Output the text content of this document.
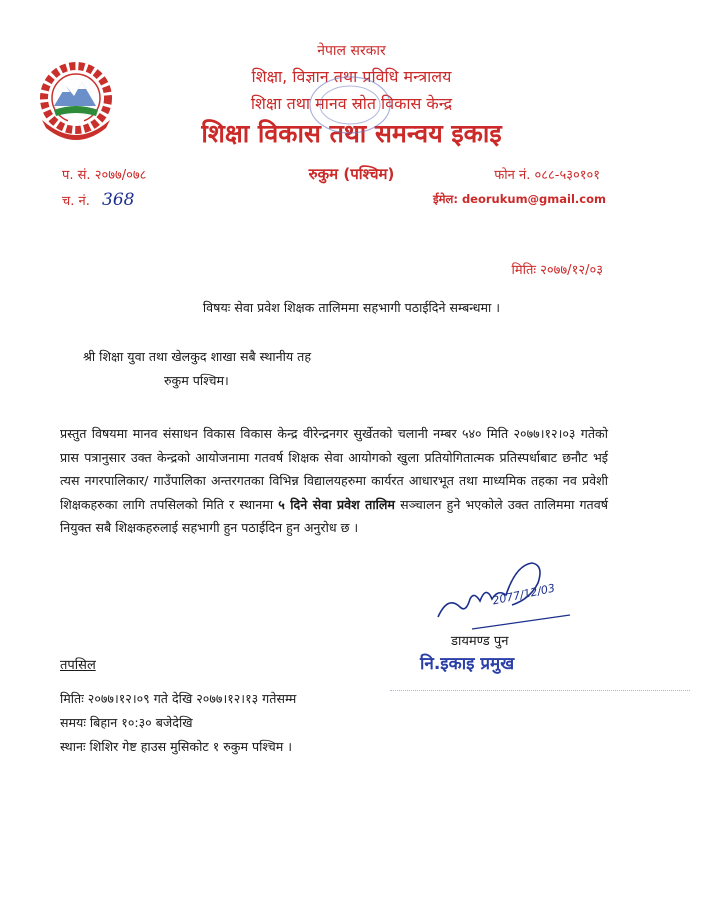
नेपाल सरकार
शिक्षा, विज्ञान तथा प्रविधि मन्त्रालय
शिक्षा तथा मानव स्रोत विकास केन्द्र
शिक्षा विकास तथा समन्वय इकाइ
रुकुम (पश्चिम)
प. सं. २०७७/०७८
च. नं. 368
फोन नं. ०८८-५३०१०१
ईमेल: deorukum@gmail.com
मितिः २०७७/१२/०३
विषयः सेवा प्रवेश शिक्षक तालिममा सहभागी पठाईदिने सम्बन्धमा ।
श्री शिक्षा युवा तथा खेलकुद शाखा सबै स्थानीय तह
रुकुम पश्चिम।
प्रस्तुत विषयमा मानव संसाधन विकास विकास केन्द्र वीरेन्द्रनगर सुर्खेतको चलानी नम्बर ५४० मिति २०७७।१२।०३ गतेको प्रास पत्रानुसार उक्त केन्द्रको आयोजनामा गतवर्ष शिक्षक सेवा आयोगको खुला प्रतियोगितात्मक प्रतिस्पर्धाबाट छनौट भई त्यस नगरपालिकार/ गाउँपालिका अन्तरगतका विभिन्न विद्यालयहरुमा कार्यरत आधारभूत तथा माध्यमिक तहका नव प्रवेशी शिक्षकहरुका लागि तपसिलको मिति र स्थानमा ५ दिने सेवा प्रवेश तालिम सञ्चालन हुने भएकोले उक्त तालिममा गतवर्ष नियुक्त सबै शिक्षकहरुलाई सहभागी हुन पठाईदिन हुन अनुरोध छ ।
2077/12/03
डायमण्ड पुन
नि.इकाइ प्रमुख
तपसिल
मितिः २०७७।१२।०९ गते देखि २०७७।१२।१३ गतेसम्म
समयः बिहान १०:३० बजेदेखि
स्थानः शिशिर गेष्ट हाउस मुसिकोट १ रुकुम पश्चिम ।
